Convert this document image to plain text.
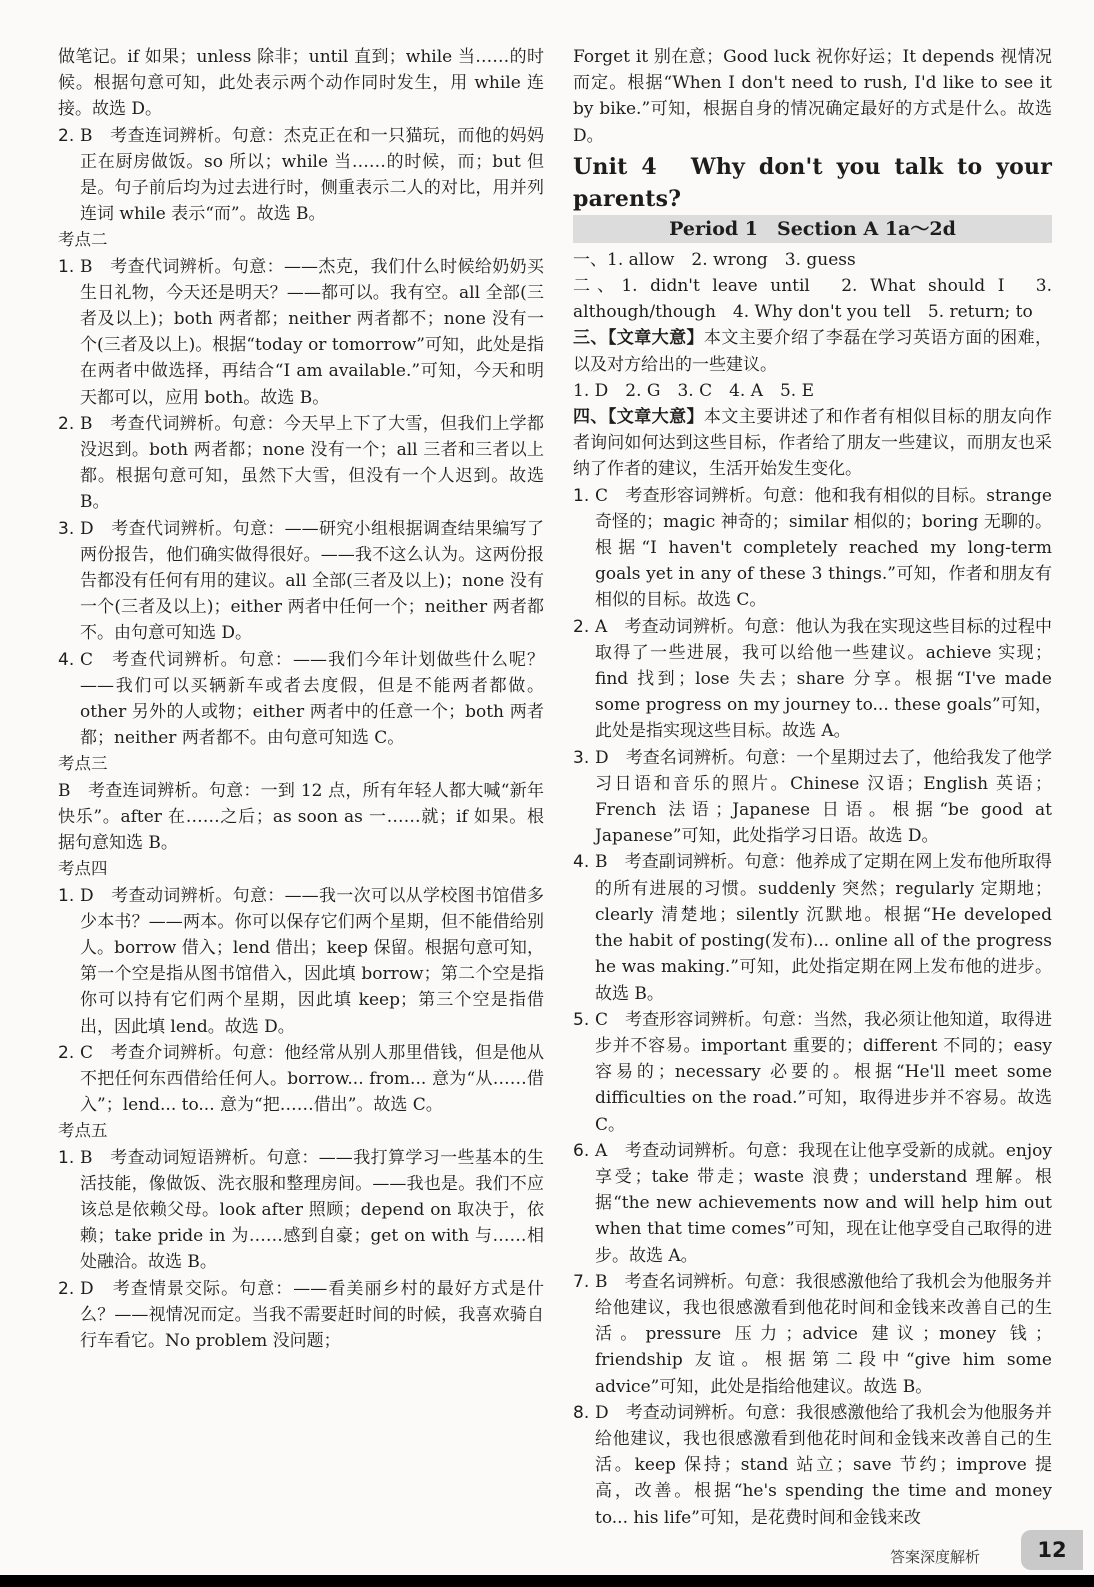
做笔记。if 如果；unless 除非；until 直到；while 当……的时候。根据句意可知，此处表示两个动作同时发生，用 while 连接。故选 D。

2. B　考查连词辨析。句意：杰克正在和一只猫玩，而他的妈妈正在厨房做饭。so 所以；while 当……的时候，而；but 但是。句子前后均为过去进行时，侧重表示二人的对比，用并列连词 while 表示“而”。故选 B。

考点二

1. B　考查代词辨析。句意：——杰克，我们什么时候给奶奶买生日礼物，今天还是明天？——都可以。我有空。all 全部(三者及以上)；both 两者都；neither 两者都不；none 没有一个(三者及以上)。根据“today or tomorrow”可知，此处是指在两者中做选择，再结合“I am available.”可知，今天和明天都可以，应用 both。故选 B。
2. B　考查代词辨析。句意：今天早上下了大雪，但我们上学都没迟到。both 两者都；none 没有一个；all 三者和三者以上都。根据句意可知，虽然下大雪，但没有一个人迟到。故选 B。
3. D　考查代词辨析。句意：——研究小组根据调查结果编写了两份报告，他们确实做得很好。——我不这么认为。这两份报告都没有任何有用的建议。all 全部(三者及以上)；none 没有一个(三者及以上)；either 两者中任何一个；neither 两者都不。由句意可知选 D。
4. C　考查代词辨析。句意：——我们今年计划做些什么呢？——我们可以买辆新车或者去度假，但是不能两者都做。other 另外的人或物；either 两者中的任意一个；both 两者都；neither 两者都不。由句意可知选 C。

考点三

B　考查连词辨析。句意：一到 12 点，所有年轻人都大喊“新年快乐”。after 在……之后；as soon as 一……就；if 如果。根据句意知选 B。

考点四

1. D　考查动词辨析。句意：——我一次可以从学校图书馆借多少本书？——两本。你可以保存它们两个星期，但不能借给别人。borrow 借入；lend 借出；keep 保留。根据句意可知，第一个空是指从图书馆借入，因此填 borrow；第二个空是指你可以持有它们两个星期，因此填 keep；第三个空是指借出，因此填 lend。故选 D。
2. C　考查介词辨析。句意：他经常从别人那里借钱，但是他从不把任何东西借给任何人。borrow... from... 意为“从……借入”；lend... to... 意为“把……借出”。故选 C。

考点五

1. B　考查动词短语辨析。句意：——我打算学习一些基本的生活技能，像做饭、洗衣服和整理房间。——我也是。我们不应该总是依赖父母。look after 照顾；depend on 取决于，依赖；take pride in 为……感到自豪；get on with 与……相处融洽。故选 B。
2. D　考查情景交际。句意：——看美丽乡村的最好方式是什么？——视情况而定。当我不需要赶时间的时候，我喜欢骑自行车看它。No problem 没问题；

Forget it 别在意；Good luck 祝你好运；It depends 视情况而定。根据“When I don't need to rush, I'd like to see it by bike.”可知，根据自身的情况确定最好的方式是什么。故选 D。

Unit 4　Why don't you talk to your parents?

Period 1　Section A 1a～2d

一、1. allow　2. wrong　3. guess

二、1. didn't leave until　2. What should I　3. although/though　4. Why don't you tell　5. return; to

三、【文章大意】本文主要介绍了李磊在学习英语方面的困难，以及对方给出的一些建议。

1. D　2. G　3. C　4. A　5. E

四、【文章大意】本文主要讲述了和作者有相似目标的朋友向作者询问如何达到这些目标，作者给了朋友一些建议，而朋友也采纳了作者的建议，生活开始发生变化。

1. C　考查形容词辨析。句意：他和我有相似的目标。strange 奇怪的；magic 神奇的；similar 相似的；boring 无聊的。根据“I haven't completely reached my long-term goals yet in any of these 3 things.”可知，作者和朋友有相似的目标。故选 C。
2. A　考查动词辨析。句意：他认为我在实现这些目标的过程中取得了一些进展，我可以给他一些建议。achieve 实现；find 找到；lose 失去；share 分享。根据“I've made some progress on my journey to... these goals”可知，此处是指实现这些目标。故选 A。
3. D　考查名词辨析。句意：一个星期过去了，他给我发了他学习日语和音乐的照片。Chinese 汉语；English 英语；French 法语；Japanese 日语。根据“be good at Japanese”可知，此处指学习日语。故选 D。
4. B　考查副词辨析。句意：他养成了定期在网上发布他所取得的所有进展的习惯。suddenly 突然；regularly 定期地；clearly 清楚地；silently 沉默地。根据“He developed the habit of posting(发布)... online all of the progress he was making.”可知，此处指定期在网上发布他的进步。故选 B。
5. C　考查形容词辨析。句意：当然，我必须让他知道，取得进步并不容易。important 重要的；different 不同的；easy 容易的；necessary 必要的。根据“He'll meet some difficulties on the road.”可知，取得进步并不容易。故选 C。
6. A　考查动词辨析。句意：我现在让他享受新的成就。enjoy 享受；take 带走；waste 浪费；understand 理解。根据“the new achievements now and will help him out when that time comes”可知，现在让他享受自己取得的进步。故选 A。
7. B　考查名词辨析。句意：我很感激他给了我机会为他服务并给他建议，我也很感激看到他花时间和金钱来改善自己的生活。pressure 压力；advice 建议；money 钱；friendship 友谊。根据第二段中“give him some advice”可知，此处是指给他建议。故选 B。
8. D　考查动词辨析。句意：我很感激他给了我机会为他服务并给他建议，我也很感激看到他花时间和金钱来改善自己的生活。keep 保持；stand 站立；save 节约；improve 提高，改善。根据“he's spending the time and money to... his life”可知，是花费时间和金钱来改
答案深度解析	12
